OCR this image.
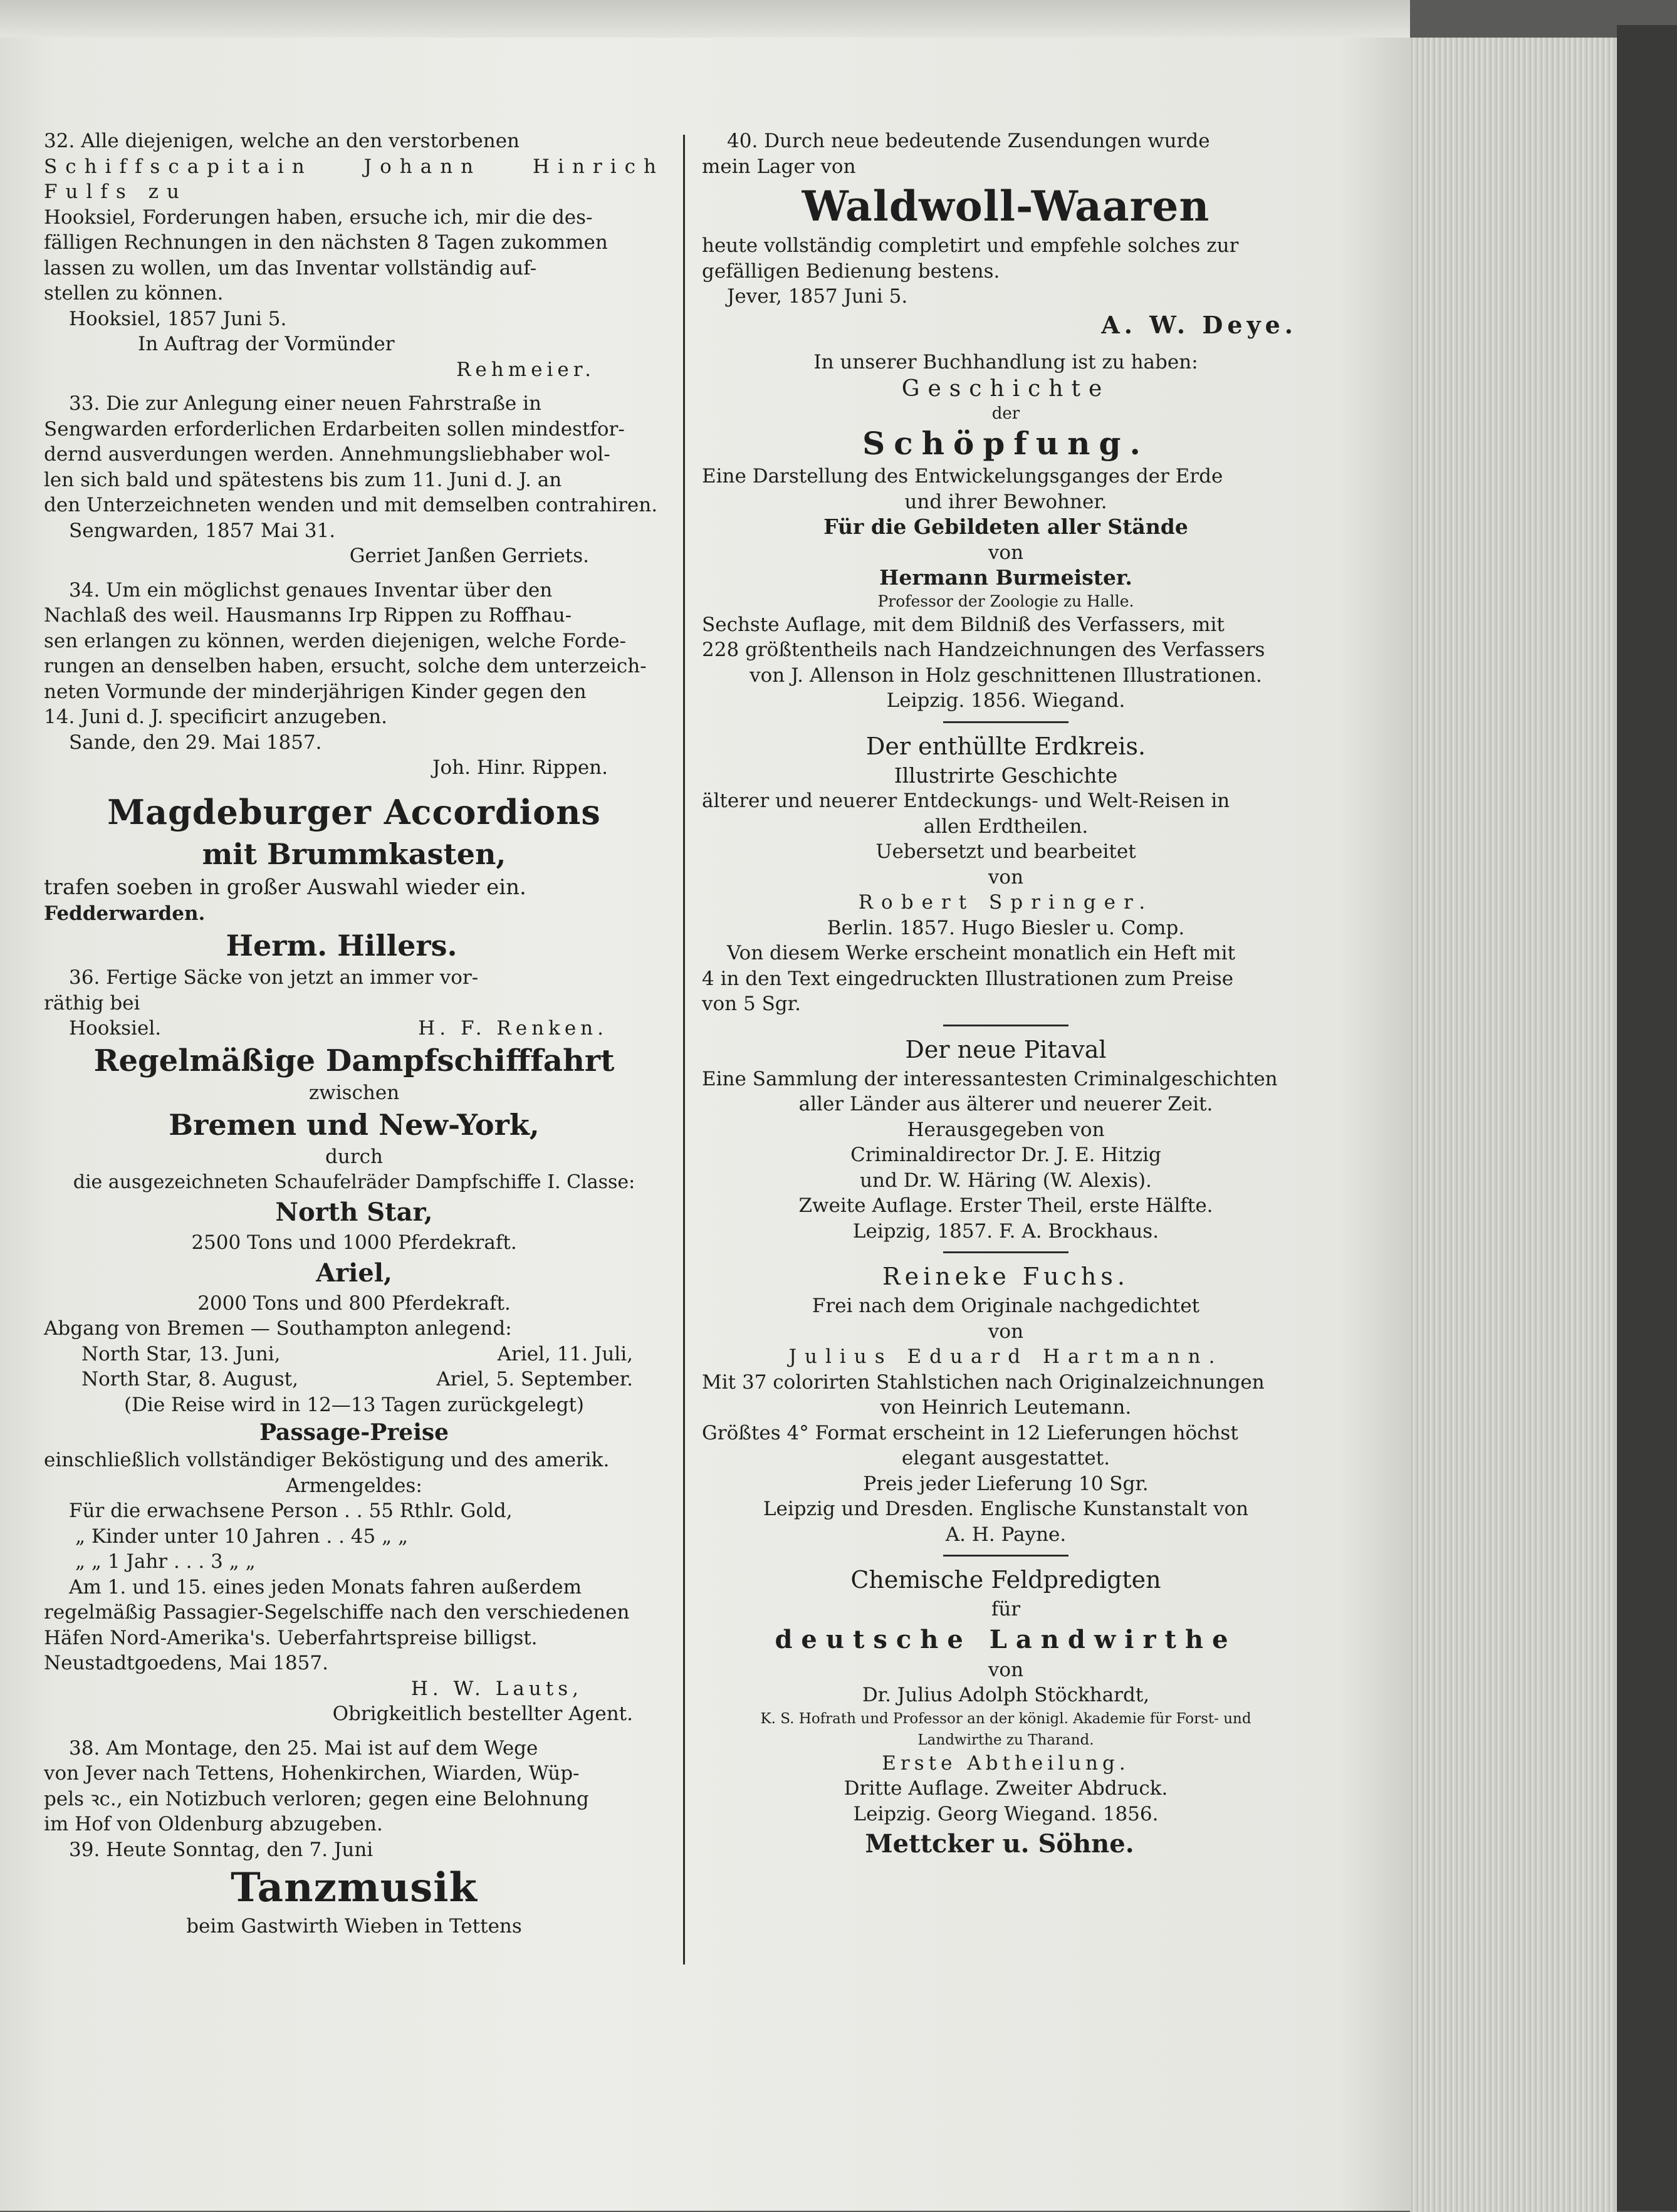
32. Alle diejenigen, welche an den verstorbenen

Schiffscapitain Johann Hinrich Fulfs zu

Hooksiel, Forderungen haben, ersuche ich, mir die des-

fälligen Rechnungen in den nächsten 8 Tagen zukommen

lassen zu wollen, um das Inventar vollständig auf-

stellen zu können.

Hooksiel, 1857 Juni 5.

In Auftrag der Vormünder

Rehmeier.

33. Die zur Anlegung einer neuen Fahrstraße in

Sengwarden erforderlichen Erdarbeiten sollen mindestfor-

dernd ausverdungen werden. Annehmungsliebhaber wol-

len sich bald und spätestens bis zum 11. Juni d. J. an

den Unterzeichneten wenden und mit demselben contrahiren.

Sengwarden, 1857 Mai 31.

Gerriet Janßen Gerriets.

34. Um ein möglichst genaues Inventar über den

Nachlaß des weil. Hausmanns Irp Rippen zu Roffhau-

sen erlangen zu können, werden diejenigen, welche Forde-

rungen an denselben haben, ersucht, solche dem unterzeich-

neten Vormunde der minderjährigen Kinder gegen den

14. Juni d. J. specificirt anzugeben.

Sande, den 29. Mai 1857.

Joh. Hinr. Rippen.

Magdeburger Accordions

mit Brummkasten,

trafen soeben in großer Auswahl wieder ein.

Fedderwarden.

Herm. Hillers.

36. Fertige Säcke von jetzt an immer vor-

räthig bei

Hooksiel.	H. F. Renken.

Regelmäßige Dampfschifffahrt

zwischen

Bremen und New-York,

durch

die ausgezeichneten Schaufelräder Dampfschiffe I. Classe:

North Star,

2500 Tons und 1000 Pferdekraft.

Ariel,

2000 Tons und 800 Pferdekraft.

Abgang von Bremen — Southampton anlegend:

North Star, 13. Juni,	Ariel, 11. Juli,
North Star, 8. August,	Ariel, 5. September.

(Die Reise wird in 12—13 Tagen zurückgelegt)

Passage-Preise

einschließlich vollständiger Beköstigung und des amerik.

Armengeldes:

Für die erwachsene Person . . 55 Rthlr. Gold,

„ Kinder unter 10 Jahren . . 45 „ „

„ „ 1 Jahr . . . 3 „ „

Am 1. und 15. eines jeden Monats fahren außerdem

regelmäßig Passagier-Segelschiffe nach den verschiedenen

Häfen Nord-Amerika's. Ueberfahrtspreise billigst.

Neustadtgoedens, Mai 1857.

H. W. Lauts,

Obrigkeitlich bestellter Agent.

38. Am Montage, den 25. Mai ist auf dem Wege

von Jever nach Tettens, Hohenkirchen, Wiarden, Wüp-

pels ꝛc., ein Notizbuch verloren; gegen eine Belohnung

im Hof von Oldenburg abzugeben.

39. Heute Sonntag, den 7. Juni

Tanzmusik

beim Gastwirth Wieben in Tettens

40. Durch neue bedeutende Zusendungen wurde

mein Lager von

Waldwoll-Waaren

heute vollständig completirt und empfehle solches zur

gefälligen Bedienung bestens.

Jever, 1857 Juni 5.

A. W. Deye.

In unserer Buchhandlung ist zu haben:

Geschichte

der

Schöpfung.

Eine Darstellung des Entwickelungsganges der Erde

und ihrer Bewohner.

Für die Gebildeten aller Stände

von

Hermann Burmeister.

Professor der Zoologie zu Halle.

Sechste Auflage, mit dem Bildniß des Verfassers, mit

228 größtentheils nach Handzeichnungen des Verfassers

von J. Allenson in Holz geschnittenen Illustrationen.

Leipzig. 1856. Wiegand.

Der enthüllte Erdkreis.

Illustrirte Geschichte

älterer und neuerer Entdeckungs- und Welt-Reisen in

allen Erdtheilen.

Uebersetzt und bearbeitet

von

Robert Springer.

Berlin. 1857. Hugo Biesler u. Comp.

Von diesem Werke erscheint monatlich ein Heft mit

4 in den Text eingedruckten Illustrationen zum Preise

von 5 Sgr.

Der neue Pitaval

Eine Sammlung der interessantesten Criminalgeschichten

aller Länder aus älterer und neuerer Zeit.

Herausgegeben von

Criminaldirector Dr. J. E. Hitzig

und Dr. W. Häring (W. Alexis).

Zweite Auflage. Erster Theil, erste Hälfte.

Leipzig, 1857. F. A. Brockhaus.

Reineke Fuchs.

Frei nach dem Originale nachgedichtet

von

Julius Eduard Hartmann.

Mit 37 colorirten Stahlstichen nach Originalzeichnungen

von Heinrich Leutemann.

Größtes 4° Format erscheint in 12 Lieferungen höchst

elegant ausgestattet.

Preis jeder Lieferung 10 Sgr.

Leipzig und Dresden. Englische Kunstanstalt von

A. H. Payne.

Chemische Feldpredigten

für

deutsche Landwirthe

von

Dr. Julius Adolph Stöckhardt,

K. S. Hofrath und Professor an der königl. Akademie für Forst- und

Landwirthe zu Tharand.

Erste Abtheilung.

Dritte Auflage. Zweiter Abdruck.

Leipzig. Georg Wiegand. 1856.

Mettcker u. Söhne.
